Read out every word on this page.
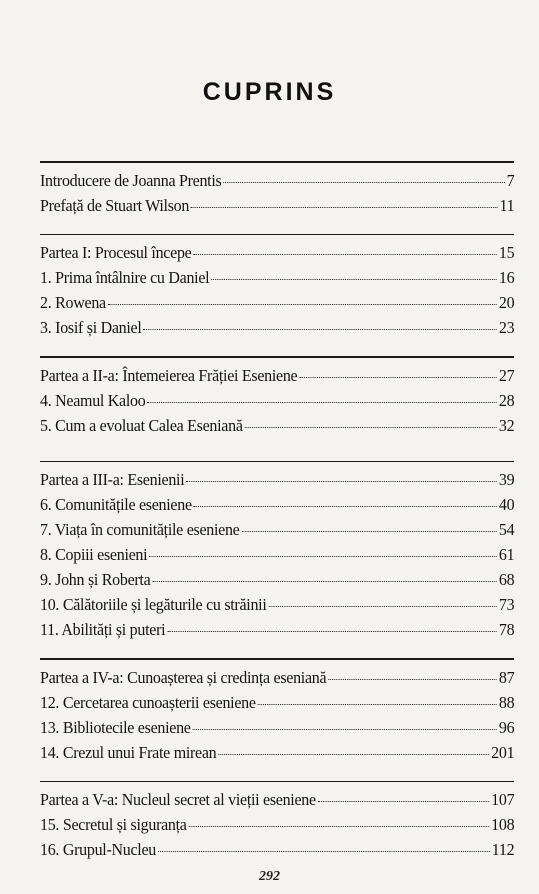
CUPRINS
Introducere de Joanna Prentis	7
Prefață de Stuart Wilson	11
Partea I: Procesul începe	15
1. Prima întâlnire cu Daniel	16
2. Rowena	20
3. Iosif și Daniel	23
Partea a II-a: Întemeierea Frăției Eseniene	27
4. Neamul Kaloo	28
5. Cum a evoluat Calea Eseniană	32
Partea a III-a: Esenienii	39
6. Comunitățile eseniene	40
7. Viața în comunitățile eseniene	54
8. Copiii esenieni	61
9. John și Roberta	68
10. Călătoriile și legăturile cu străinii	73
11. Abilități și puteri	78
Partea a IV-a: Cunoașterea și credința eseniană	87
12. Cercetarea cunoașterii eseniene	88
13. Bibliotecile eseniene	96
14. Crezul unui Frate mirean	201
Partea a V-a: Nucleul secret al vieții eseniene	107
15. Secretul și siguranța	108
16. Grupul-Nucleu	112
292
